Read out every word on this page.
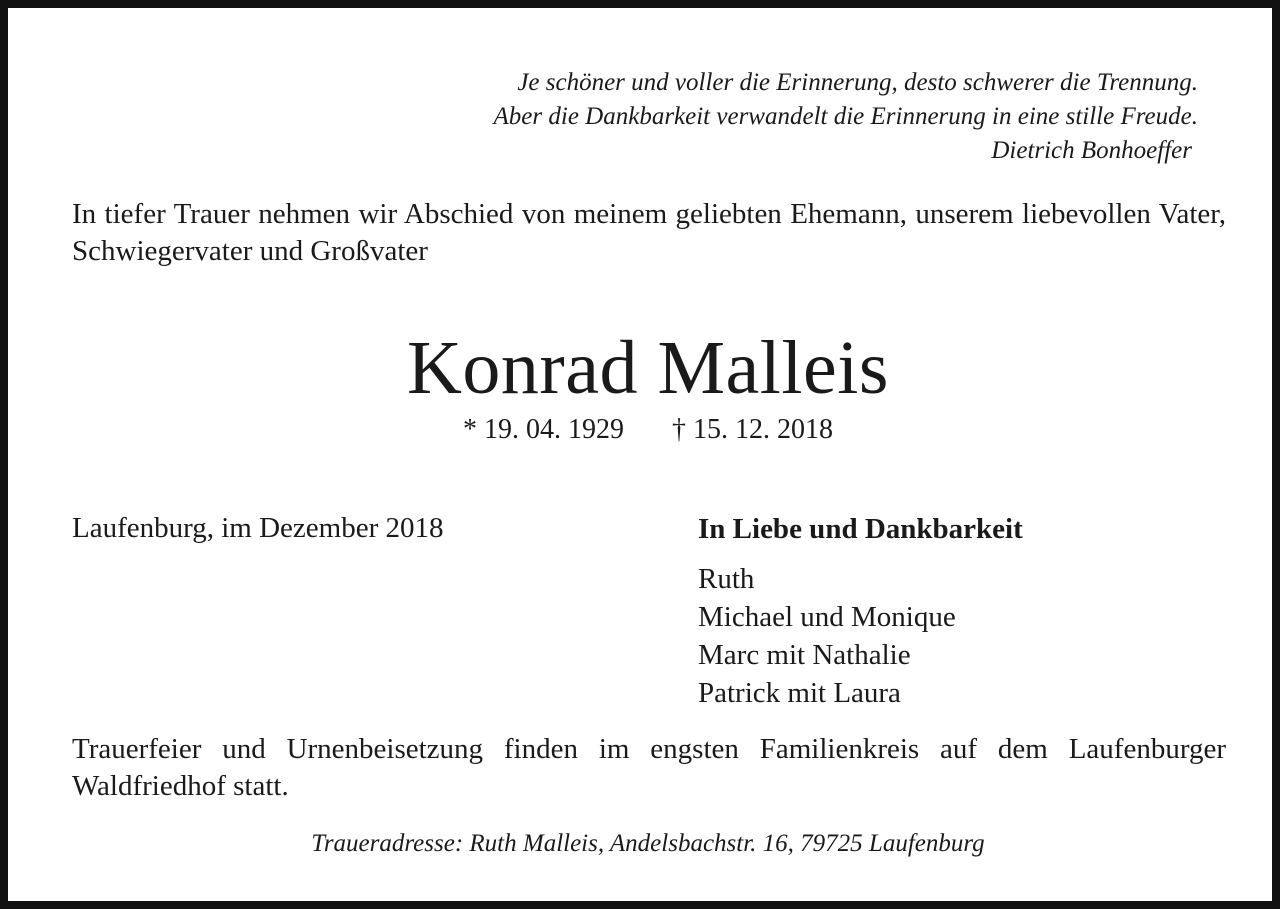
Je schöner und voller die Erinnerung, desto schwerer die Trennung.
Aber die Dankbarkeit verwandelt die Erinnerung in eine stille Freude.
Dietrich Bonhoeffer
In tiefer Trauer nehmen wir Abschied von meinem geliebten Ehemann, unserem liebevollen Vater, Schwiegervater und Großvater
Konrad Malleis
* 19. 04. 1929 † 15. 12. 2018
Laufenburg, im Dezember 2018	In Liebe und Dankbarkeit
Ruth
Michael und Monique
Marc mit Nathalie
Patrick mit Laura
Trauerfeier und Urnenbeisetzung finden im engsten Familienkreis auf dem Laufenburger Waldfriedhof statt.
Traueradresse: Ruth Malleis, Andelsbachstr. 16, 79725 Laufenburg
